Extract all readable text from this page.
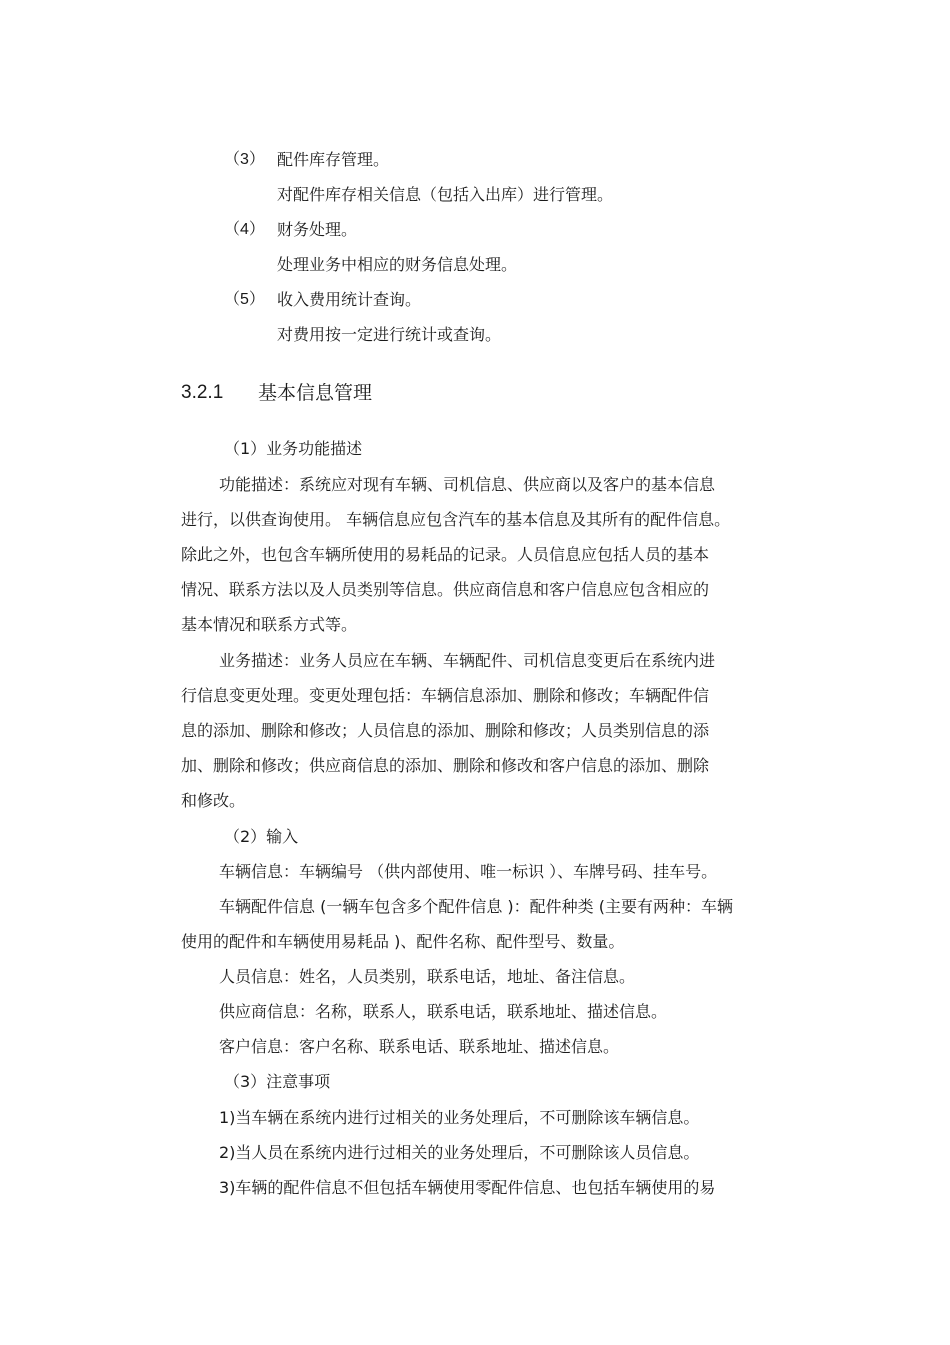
（3） 配件库存管理。
对配件库存相关信息（包括入出库）进行管理。
（4） 财务处理。
处理业务中相应的财务信息处理。
（5） 收入费用统计查询。
对费用按一定进行统计或查询。
3.2.1 基本信息管理
（1）业务功能描述
功能描述：系统应对现有车辆、司机信息、供应商以及客户的基本信息
进行，以供查询使用。 车辆信息应包含汽车的基本信息及其所有的配件信息。
除此之外，也包含车辆所使用的易耗品的记录。人员信息应包括人员的基本
情况、联系方法以及人员类别等信息。供应商信息和客户信息应包含相应的
基本情况和联系方式等。
业务描述：业务人员应在车辆、车辆配件、司机信息变更后在系统内进
行信息变更处理。变更处理包括：车辆信息添加、删除和修改；车辆配件信
息的添加、删除和修改；人员信息的添加、删除和修改；人员类别信息的添
加、删除和修改；供应商信息的添加、删除和修改和客户信息的添加、删除
和修改。
（2）输入
车辆信息：车辆编号 （供内部使用、唯一标识 ）、车牌号码、挂车号。
车辆配件信息 (一辆车包含多个配件信息 )：配件种类 (主要有两种：车辆
使用的配件和车辆使用易耗品 )、配件名称、配件型号、数量。
人员信息：姓名，人员类别，联系电话，地址、备注信息。
供应商信息：名称，联系人，联系电话，联系地址、描述信息。
客户信息：客户名称、联系电话、联系地址、描述信息。
（3）注意事项
1)当车辆在系统内进行过相关的业务处理后，不可删除该车辆信息。
2)当人员在系统内进行过相关的业务处理后，不可删除该人员信息。
3)车辆的配件信息不但包括车辆使用零配件信息、也包括车辆使用的易
